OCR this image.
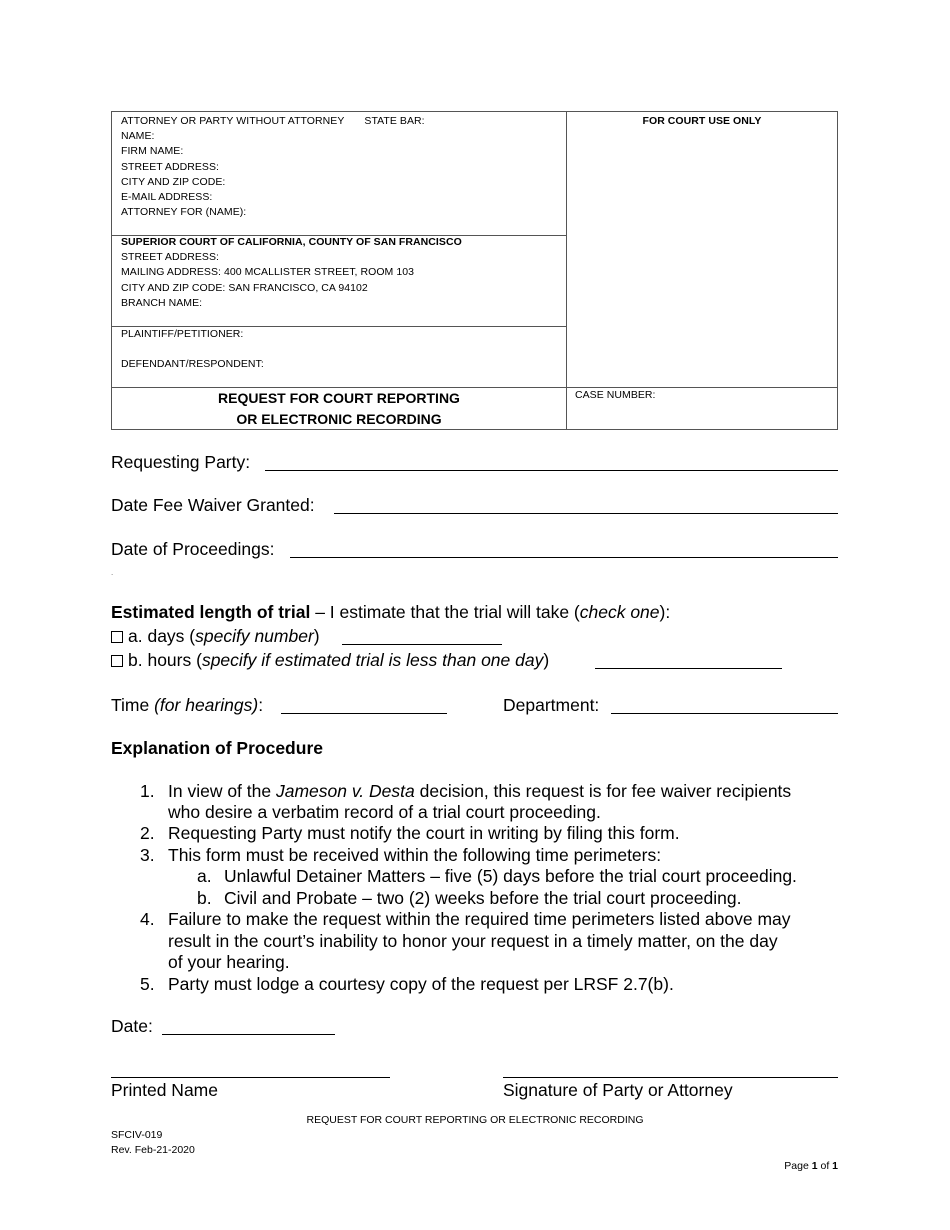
ATTORNEY OR PARTY WITHOUT ATTORNEY STATE BAR:
NAME:
FIRM NAME:
STREET ADDRESS:
CITY AND ZIP CODE:
E-MAIL ADDRESS:
ATTORNEY FOR (NAME):
SUPERIOR COURT OF CALIFORNIA, COUNTY OF SAN FRANCISCO
STREET ADDRESS:
MAILING ADDRESS: 400 MCALLISTER STREET, ROOM 103
CITY AND ZIP CODE: SAN FRANCISCO, CA 94102
BRANCH NAME:
PLAINTIFF/PETITIONER:
DEFENDANT/RESPONDENT:
REQUEST FOR COURT REPORTING
OR ELECTRONIC RECORDING
FOR COURT USE ONLY
CASE NUMBER:
Requesting Party:
Date Fee Waiver Granted:
Date of Proceedings:
.
Estimated length of trial – I estimate that the trial will take (check one):
a. days (specify number)
b. hours (specify if estimated trial is less than one day)
Time (for hearings):	Department:
Explanation of Procedure
1. In view of the Jameson v. Desta decision, this request is for fee waiver recipients
who desire a verbatim record of a trial court proceeding.
2. Requesting Party must notify the court in writing by filing this form.
3. This form must be received within the following time perimeters:
a. Unlawful Detainer Matters – five (5) days before the trial court proceeding.
b. Civil and Probate – two (2) weeks before the trial court proceeding.
4. Failure to make the request within the required time perimeters listed above may
result in the court’s inability to honor your request in a timely matter, on the day
of your hearing.
5. Party must lodge a courtesy copy of the request per LRSF 2.7(b).
Date:
Printed Name	Signature of Party or Attorney
REQUEST FOR COURT REPORTING OR ELECTRONIC RECORDING
SFCIV-019
Rev. Feb-21-2020
Page 1 of 1
